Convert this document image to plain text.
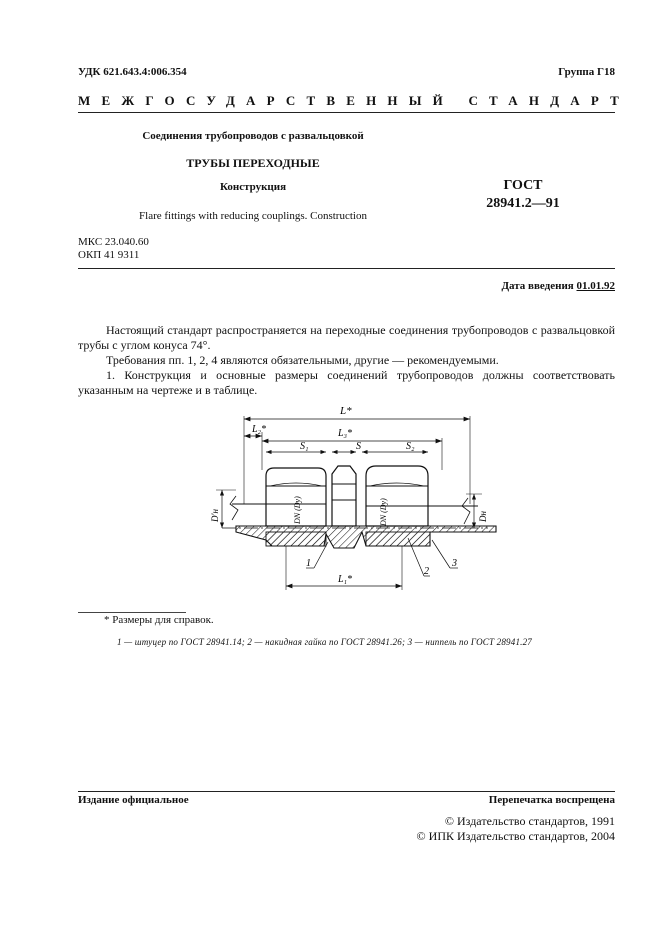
УДК 621.643.4:006.354	Группа Г18
МЕЖГОСУДАРСТВЕННЫЙ СТАНДАРТ
Соединения трубопроводов с развальцовкой
ТРУБЫ ПЕРЕХОДНЫЕ
Конструкция	ГОСТ
28941.2—91
Flare fittings with reducing couplings. Construction
МКС 23.040.60
ОКП 41 9311
Дата введения 01.01.92
Настоящий стандарт распространяется на переходные соединения трубопроводов с развальцовкой трубы с углом конуса 74°.
Требования пп. 1, 2, 4 являются обязательными, другие — рекомендуемыми.
1. Конструкция и основные размеры соединений трубопроводов должны соответствовать указанным на чертеже и в таблице.
L*
L₂*	L₃*
S₁	S	S₂
D′н	Dн
DN (Dу)	DN (Dу)
L₁*
1
2
3
* Размеры для справок.
1 — штуцер по ГОСТ 28941.14; 2 — накидная гайка по ГОСТ 28941.26; 3 — ниппель по ГОСТ 28941.27
Издание официальное	Перепечатка воспрещена
© Издательство стандартов, 1991
© ИПК Издательство стандартов, 2004
